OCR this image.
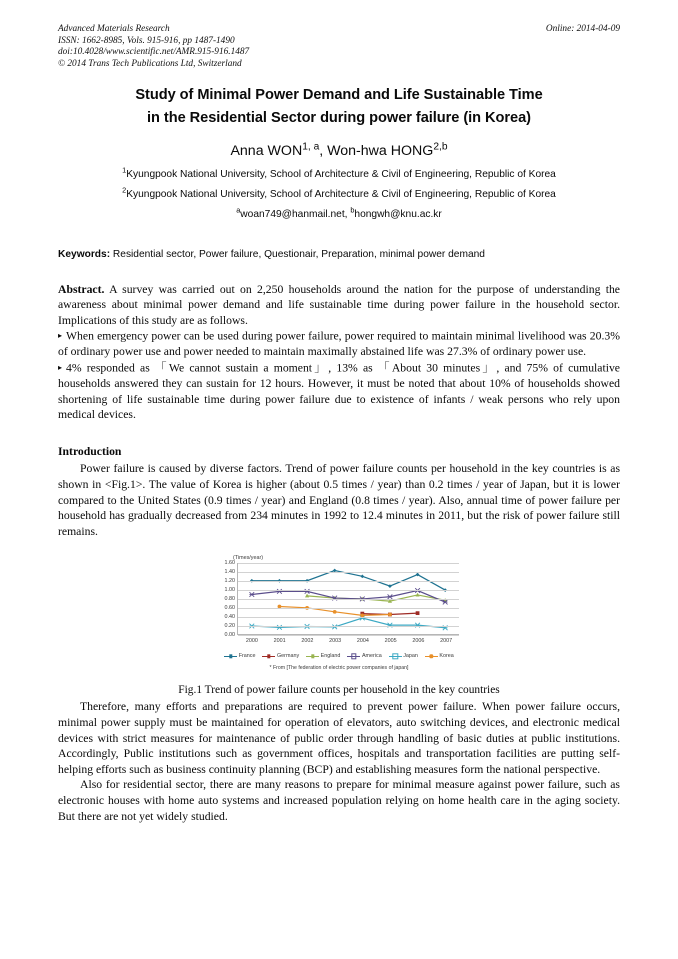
Advanced Materials Research
ISSN: 1662-8985, Vols. 915-916, pp 1487-1490
doi:10.4028/www.scientific.net/AMR.915-916.1487
© 2014 Trans Tech Publications Ltd, Switzerland
Online: 2014-04-09
Study of Minimal Power Demand and Life Sustainable Time
in the Residential Sector during power failure (in Korea)
Anna WON$^{1, a}$, Won-hwa HONG$^{2,b}$
$^1$Kyungpook National University, School of Architecture & Civil of Engineering, Republic of Korea
$^2$Kyungpook National University, School of Architecture & Civil of Engineering, Republic of Korea
$^a$woan749@hanmail.net, $^b$hongwh@knu.ac.kr
Keywords: Residential sector, Power failure, Questionair, Preparation, minimal power demand
Abstract. A survey was carried out on 2,250 households around the nation for the purpose of understanding the awareness about minimal power demand and life sustainable time during power failure in the household sector. Implications of this study are as follows.
▸ When emergency power can be used during power failure, power required to maintain minimal livelihood was 20.3% of ordinary power use and power needed to maintain maximally abstained life was 27.3% of ordinary power use.
▸ 4% responded as 「We cannot sustain a moment」, 13% as 「About 30 minutes」, and 75% of cumulative households answered they can sustain for 12 hours. However, it must be noted that about 10% of households showed shortening of life sustainable time during power failure due to existence of infants / weak persons who rely upon medical devices.
Introduction
Power failure is caused by diverse factors. Trend of power failure counts per household in the key countries is as shown in <Fig.1>. The value of Korea is higher (about 0.5 times / year) than 0.2 times / year of Japan, but it is lower compared to the United States (0.9 times / year) and England (0.8 times / year). Also, annual time of power failure per household has gradually decreased from 234 minutes in 1992 to 12.4 minutes in 2011, but the risk of power failure still remains.
(Times/year)
0.00
0.20
0.40
0.60
0.80
1.00
1.20
1.40
1.60
2000	2001	2002	2003	2004	2005	2006	2007
France	Germany	England	America	Japan	Korea
* From [The federation of electric power companies of japan]
Fig.1 Trend of power failure counts per household in the key countries
Therefore, many efforts and preparations are required to prevent power failure. When power failure occurs, minimal power supply must be maintained for operation of elevators, auto switching devices, and electronic medical devices with strict measures for maintenance of public order through handling of basic duties at public institutions. Accordingly, Public institutions such as government offices, hospitals and transportation facilities are putting self-helping efforts such as business continuity planning (BCP) and establishing measures form the national perspective.
Also for residential sector, there are many reasons to prepare for minimal measure against power failure, such as electronic houses with home auto systems and increased population relying on home health care in the aging society. But there are not yet widely studied.
